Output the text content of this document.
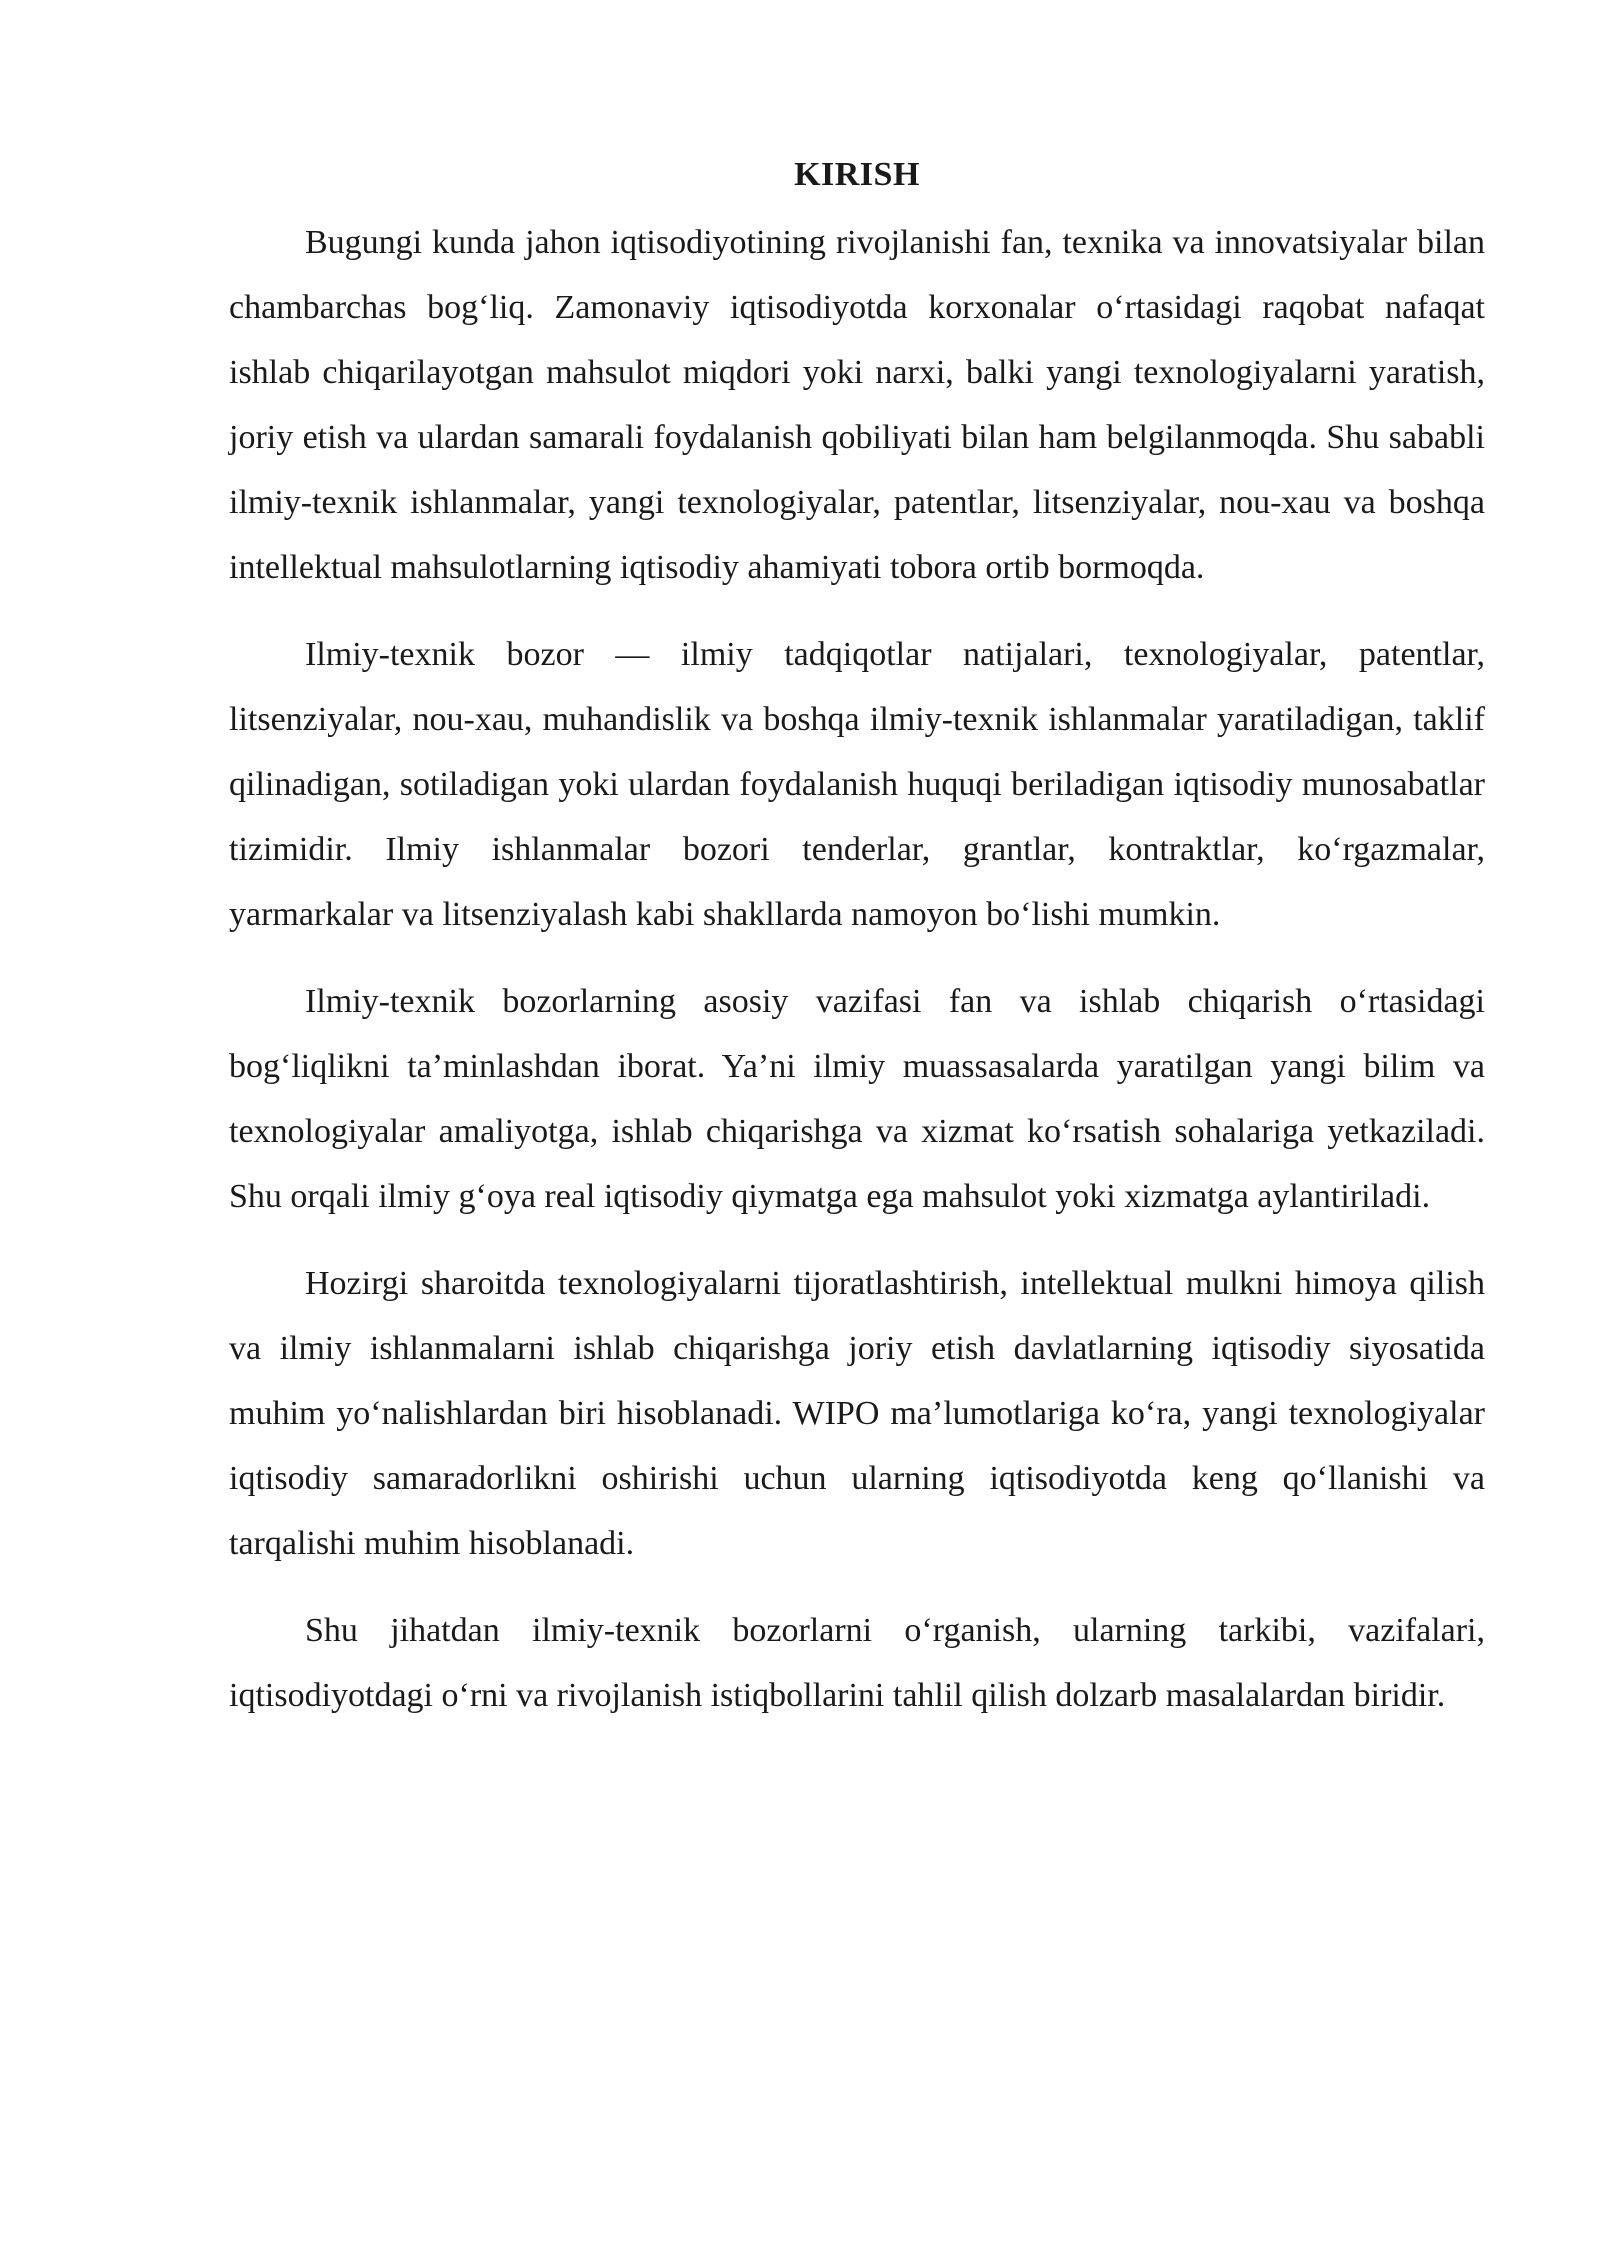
KIRISH

Bugungi kunda jahon iqtisodiyotining rivojlanishi fan, texnika va innovatsiyalar bilan chambarchas bog‘liq. Zamonaviy iqtisodiyotda korxonalar o‘rtasidagi raqobat nafaqat ishlab chiqarilayotgan mahsulot miqdori yoki narxi, balki yangi texnologiyalarni yaratish, joriy etish va ulardan samarali foydalanish qobiliyati bilan ham belgilanmoqda. Shu sababli ilmiy-texnik ishlanmalar, yangi texnologiyalar, patentlar, litsenziyalar, nou-xau va boshqa intellektual mahsulotlarning iqtisodiy ahamiyati tobora ortib bormoqda.

Ilmiy-texnik bozor — ilmiy tadqiqotlar natijalari, texnologiyalar, patentlar, litsenziyalar, nou-xau, muhandislik va boshqa ilmiy-texnik ishlanmalar yaratiladigan, taklif qilinadigan, sotiladigan yoki ulardan foydalanish huquqi beriladigan iqtisodiy munosabatlar tizimidir. Ilmiy ishlanmalar bozori tenderlar, grantlar, kontraktlar, ko‘rgazmalar, yarmarkalar va litsenziyalash kabi shakllarda namoyon bo‘lishi mumkin.

Ilmiy-texnik bozorlarning asosiy vazifasi fan va ishlab chiqarish o‘rtasidagi bog‘liqlikni ta’minlashdan iborat. Ya’ni ilmiy muassasalarda yaratilgan yangi bilim va texnologiyalar amaliyotga, ishlab chiqarishga va xizmat ko‘rsatish sohalariga yetkaziladi. Shu orqali ilmiy g‘oya real iqtisodiy qiymatga ega mahsulot yoki xizmatga aylantiriladi.

Hozirgi sharoitda texnologiyalarni tijoratlashtirish, intellektual mulkni himoya qilish va ilmiy ishlanmalarni ishlab chiqarishga joriy etish davlatlarning iqtisodiy siyosatida muhim yo‘nalishlardan biri hisoblanadi. WIPO ma’lumotlariga ko‘ra, yangi texnologiyalar iqtisodiy samaradorlikni oshirishi uchun ularning iqtisodiyotda keng qo‘llanishi va tarqalishi muhim hisoblanadi.

Shu jihatdan ilmiy-texnik bozorlarni o‘rganish, ularning tarkibi, vazifalari, iqtisodiyotdagi o‘rni va rivojlanish istiqbollarini tahlil qilish dolzarb masalalardan biridir.
